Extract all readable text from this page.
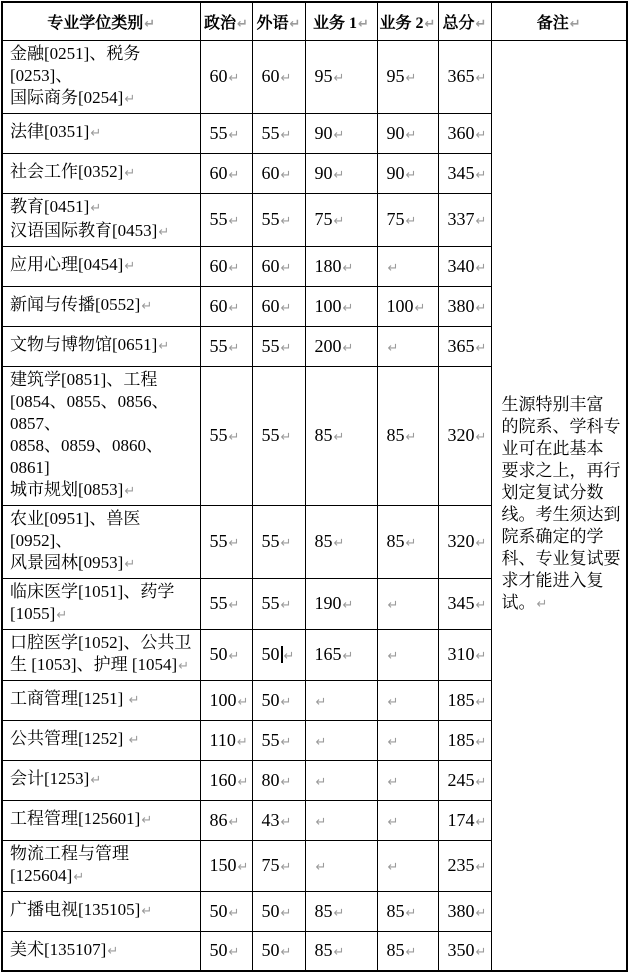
专业学位类别↵	政治↵	外语↵	业务 1↵	业务 2↵	总分↵	备注↵

金融[0251]、税务[0253]、
国际商务[0254]↵
	60↵	60↵	95↵	95↵	365↵	
生源特别丰富
的院系、学科专
业可在此基本
要求之上，再行
划定复试分数
线。考生须达到
院系确定的学
科、专业复试要
求才能进入复
试。↵

法律[0351]↵	55↵	55↵	90↵	90↵	360↵	

社会工作[0352]↵	60↵	60↵	90↵	90↵	345↵	

教育[0451]↵
汉语国际教育[0453]↵	55↵	55↵	75↵	75↵	337↵	

应用心理[0454]↵	60↵	60↵	180↵	↵	340↵	

新闻与传播[0552]↵	60↵	60↵	100↵	100↵	380↵	

文物与博物馆[0651]↵	55↵	55↵	200↵	↵	365↵	

建筑学[0851]、工程
[0854、0855、0856、0857、
0858、0859、0860、0861]
城市规划[0853]↵	55↵	55↵	85↵	85↵	320↵	

农业[0951]、兽医[0952]、
风景园林[0953]↵	55↵	55↵	85↵	85↵	320↵	

临床医学[1051]、药学
[1055]↵	55↵	55↵	190↵	↵	345↵	

口腔医学[1052]、公共卫
生 [1053]、护理 [1054]↵	50↵	50 ↵	165↵	↵	310↵	

工商管理[1251] ↵	100↵	50↵	↵	↵	185↵	

公共管理[1252] ↵	110↵	55↵	↵	↵	185↵	

会计[1253]↵	160↵	80↵	↵	↵	245↵	

工程管理[125601]↵	86↵	43↵	↵	↵	174↵	

物流工程与管理
[125604]↵	150↵	75↵	↵	↵	235↵	

广播电视[135105]↵	50↵	50↵	85↵	85↵	380↵	

美术[135107]↵	50↵	50↵	85↵	85↵	350↵	
